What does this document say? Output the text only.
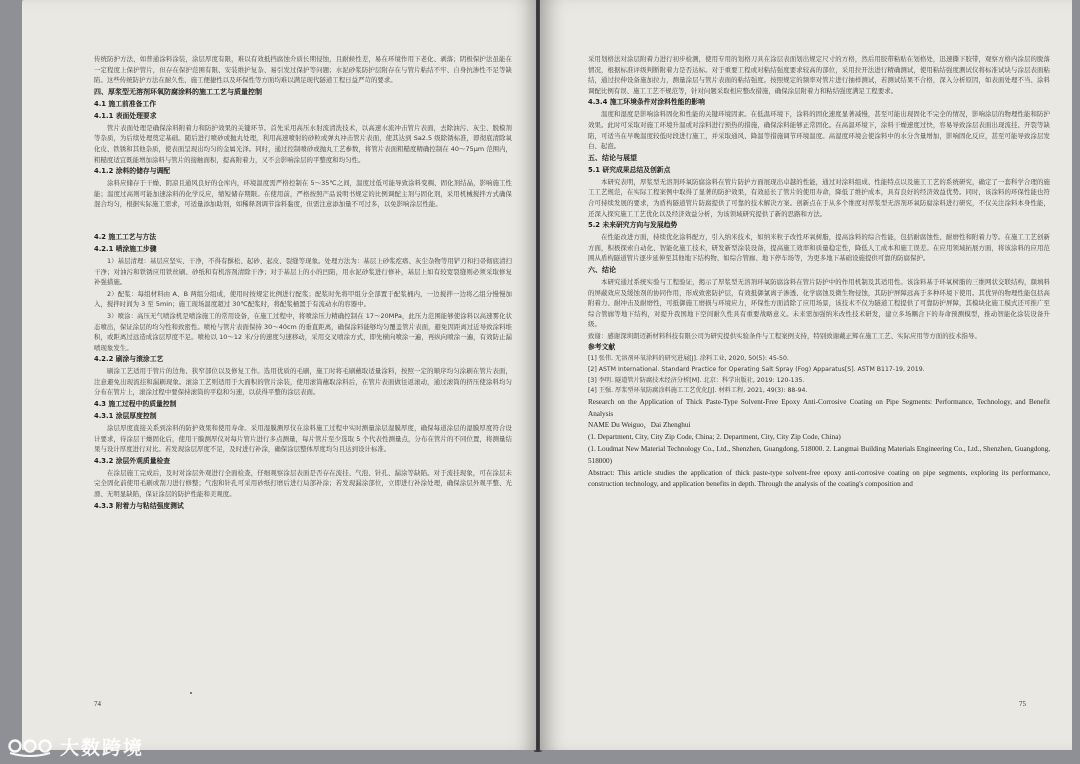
传统防护方法，如普通涂料涂装，涂层厚度有限，难以有效抵挡腐蚀介质长期侵蚀，且耐候性差，易在环境作用下老化、剥落；阴极保护法虽能在一定程度上保护管片，但存在保护范围有限、安装维护复杂、易引发过保护等问题；水泥砂浆防护层附存在与管片粘结不牢、自身抗渗性不足等缺陷。这些传统防护方法在耐久性、施工便捷性以及环保性等方面均难以满足现代隧道工程日益严苛的要求。

四、厚浆型无溶剂环氧防腐涂料的施工工艺与质量控制
4.1 施工前准备工作
4.1.1 表面处理要求

管片表面处理是确保涂料附着力和防护效果的关键环节。首先采用高压水射流清洗技术，以高速水流冲击管片表面，去除油污、灰尘、脱模剂等杂质，为后续处理奠定基础。随后进行喷砂或抛丸处理，利用高速喷射的砂粒或弹丸冲击管片表面，使其达到 Sa2.5 级除锈标准，即彻底清除氧化皮、铁锈和其他杂质，使表面呈现出均匀的金属光泽。同时，通过控制喷砂或抛丸工艺参数，将管片表面粗糙度精确控制在 40～75μm 范围内，粗糙度适宜既能增加涂料与管片的接触面积，提高附着力，又不会影响涂层的平整度和均匀性。

4.1.2 涂料的储存与调配

涂料应储存于干燥、阴凉且通风良好的仓库内，环境温度需严格控制在 5～35℃之间，温度过低可能导致涂料变稠、固化剂结晶，影响施工性能；温度过高则可能加速涂料的化学反应，缩短储存期限。在使用前，严格按照产品说明书规定的比例调配主剂与固化剂，采用机械搅拌方式确保混合均匀，根据实际施工需求，可适量添加助剂，如稀释剂调节涂料黏度，但需注意添加量不可过多，以免影响涂层性能。

4.2 施工工艺与方法
4.2.1 喷涂施工步骤

1）基层清理：基层应坚实、干净，不得有酥松、起砂、起皮、裂缝等现象。处理方法为：基层上砂浆疙瘩、灰尘杂物等用铲刀和扫帚彻底清扫干净；对油污和铁锈应用铁丝刷、砂纸和有机溶剂清除干净；对于基层上的小的凹陷，用水泥砂浆进行修补，基层上如有较宽裂缝则必须采取修复补强措施。

2）配浆：每组材料由 A、B 两组分组成，使用时按规定比例进行配浆；配浆时先将甲组分全部置于配浆桶内，一边搅拌一边将乙组分慢慢加入，搅拌时间为 3 至 5min；施工现场温度超过 30℃配浆时，将配浆桶置于有流动水的容器中。

3）喷涂：高压无气喷涂机是喷涂施工的常用设备，在施工过程中，将喷涂压力精确控制在 17～20MPa，此压力范围能够使涂料以高速雾化状态喷出，保证涂层的均匀性和致密性。喷枪与管片表面保持 30～40cm 的垂直距离，确保涂料能够均匀覆盖管片表面，避免因距离过近导致涂料堆积，或距离过远造成涂层厚度不足。喷枪以 10～12 米/分的速度匀速移动，采用交叉喷涂方式，即先横向喷涂一遍，再纵向喷涂一遍，有效防止漏喷现象发生。

4.2.2 刷涂与滚涂工艺

刷涂工艺适用于管片的边角、狭窄部位以及修复工作。选用优质的毛刷，施工时将毛刷蘸取适量涂料，按照一定的顺序均匀涂刷在管片表面，注意避免出现流挂和漏刷现象。滚涂工艺则适用于大面积的管片涂装，使用滚筒蘸取涂料后，在管片表面做往返滚动，通过滚筒的挤压使涂料均匀分布在管片上，滚涂过程中要保持滚筒的平稳和匀速，以获得平整的涂层表面。

4.3 施工过程中的质量控制
4.3.1 涂层厚度控制

涂层厚度直接关系到涂料的防护效果和使用寿命。采用湿膜测厚仪在涂料施工过程中实时测量涂层湿膜厚度，确保每道涂层的湿膜厚度符合设计要求，待涂层干燥固化后，使用干膜测厚仪对每片管片进行多点测量，每片管片至少选取 5 个代表性测量点，分布在管片的不同位置，将测量结果与设计厚度进行对比。若发现涂层厚度不足，及时进行补涂，确保涂层整体厚度均匀且达到设计标准。

4.3.2 涂层外观质量检查

在涂层施工完成后，及时对涂层外观进行全面检查，仔细观察涂层表面是否存在流挂、气泡、针孔、漏涂等缺陷。对于流挂现象，可在涂层未完全固化前使用毛刷或刮刀进行修整；气泡和针孔可采用砂纸打磨后进行局部补涂；若发现漏涂部位，立即进行补涂处理，确保涂层外观平整、光滑、无明显缺陷，保证涂层的防护性能和美观度。

4.3.3 附着力与粘结强度测试
74

采用划格法对涂层附着力进行初步检测，使用专用的划格刀具在涂层表面划出规定尺寸的方格，然后用胶带粘贴在划格处，迅速撕下胶带，观察方格内涂层的脱落情况，根据标准评级判断附着力是否达标。对于重要工程或对粘结强度要求较高的部位，采用拉开法进行精确测试，使用粘结强度测试仪将标准试块与涂层表面粘结，通过拉伸设备施加拉力，测量涂层与管片表面的粘结强度。按照规定的频率对管片进行抽样测试，若测试结果不合格，深入分析原因，如表面处理不当、涂料调配比例有误、施工工艺不规范等，针对问题采取相应整改措施，确保涂层附着力和粘结强度满足工程要求。

4.3.4 施工环境条件对涂料性能的影响

温度和湿度是影响涂料固化和性能的关键环境因素。在低温环境下，涂料的固化速度显著减慢，甚至可能出现固化不完全的情况，影响涂层的物理性能和防护效果。此时可采取对施工环境升温或对涂料进行预热的措施，确保涂料能够正常固化。在高温环境下，涂料干燥速度过快，容易导致涂层表面出现流挂、开裂等缺陷，可适当在早晚温度较低时段进行施工，并采取通风、降温等措施调节环境温度。高湿度环境会使涂料中的水分含量增加，影响固化反应，甚至可能导致涂层发白、起泡。

五、结论与展望
5.1 研究成果总结及创新点

本研究表明，厚浆型无溶剂环氧防腐涂料在管片防护方面展现出卓越的性能，通过对涂料组成、性能特点以及施工工艺的系统研究，确定了一套科学合理的施工工艺规范，在实际工程案例中取得了显著的防护效果，有效延长了管片的使用寿命，降低了维护成本，具有良好的经济效益优势。同时，该涂料的环保性能也符合可持续发展的要求，为盾构隧道管片防腐提供了可靠的技术解决方案。创新点在于从多个维度对厚浆型无溶剂环氧防腐涂料进行研究，不仅关注涂料本身性能，还深入探究施工工艺优化以及经济效益分析，为该领域研究提供了新的思路和方法。

5.2 未来研究方向与发展趋势

在性能改进方面，持续优化涂料配方，引入纳米技术，如纳米粒子改性环氧树脂，提高涂料的综合性能，包括耐腐蚀性、耐磨性和附着力等。在施工工艺创新方面，积极探索自动化、智能化施工技术，研发新型涂装设备，提高施工效率和质量稳定性，降低人工成本和施工误差。在应用领域拓展方面，将该涂料的应用范围从盾构隧道管片逐步延伸至其他地下结构物、如综合管廊、地下停车场等，为更多地下基础设施提供可靠的防腐保护。

六、结论

本研究通过系统实验与工程验证，揭示了厚浆型无溶剂环氧防腐涂料在管片防护中的作用机制及其适用性。该涂料基于环氧树脂的三维网状交联结构，颜填料的屏蔽效应及缓蚀剂的协同作用，形成致密防护层，有效抵御氯离子渗透、化学腐蚀及微生物侵蚀，其防护屏障远高于多种环境下使用。其优异的物理性能包括高附着力、耐冲击及耐磨性，可抵御施工磨损与环境应力，环保性方面消除了应用场景，该技术不仅为隧道工程提供了可靠防护屏障，其模块化施工模式还可推广至综合管廊等地下结构，对提升我国地下空间耐久性具有重要战略意义。未来需加强纳米改性技术研发，建立多场耦合下的寿命预测模型，推动智能化涂装设备升级。

致谢：感谢深圳朗迈新材料科技有限公司为研究提供实验条件与工程案例支持，特别致谢戴正辉在施工工艺、实际应用等方面的技术指导。

参考文献

[1] 张伟. 无溶剂环氧涂料的研究进展[J]. 涂料工业, 2020, 50(5): 45-50.

[2] ASTM International. Standard Practice for Operating Salt Spray (Fog) Apparatus[S]. ASTM B117-19, 2019.

[3] 李明. 隧道管片防腐技术经济分析[M]. 北京：科学出版社, 2019: 120-135.

[4] 王强. 厚浆型环氧防腐涂料施工工艺优化[J]. 材料工程, 2021, 49(3): 88-94.

Research on the Application of Thick Paste-Type Solvent-Free Epoxy Anti-Corrosive Coating on Pipe Segments: Performance, Technology, and Benefit Analysis

NAME Du Weiguo，Dai Zhenghui

(1. Department, City, City Zip Code, China; 2. Department, City, City Zip Code, China)

(1. Loudmat New Material Technology Co., Ltd., Shenzhen, Guangdong, 518000. 2. Langmai Building Materials Engineering Co., Ltd., Shenzhen, Guangdong, 518000)

Abstract: This article studies the application of thick paste-type solvent-free epoxy anti-corrosive coating on pipe segments, exploring its performance, construction technology, and application benefits in depth. Through the analysis of the coating's composition and

75
大数跨境
